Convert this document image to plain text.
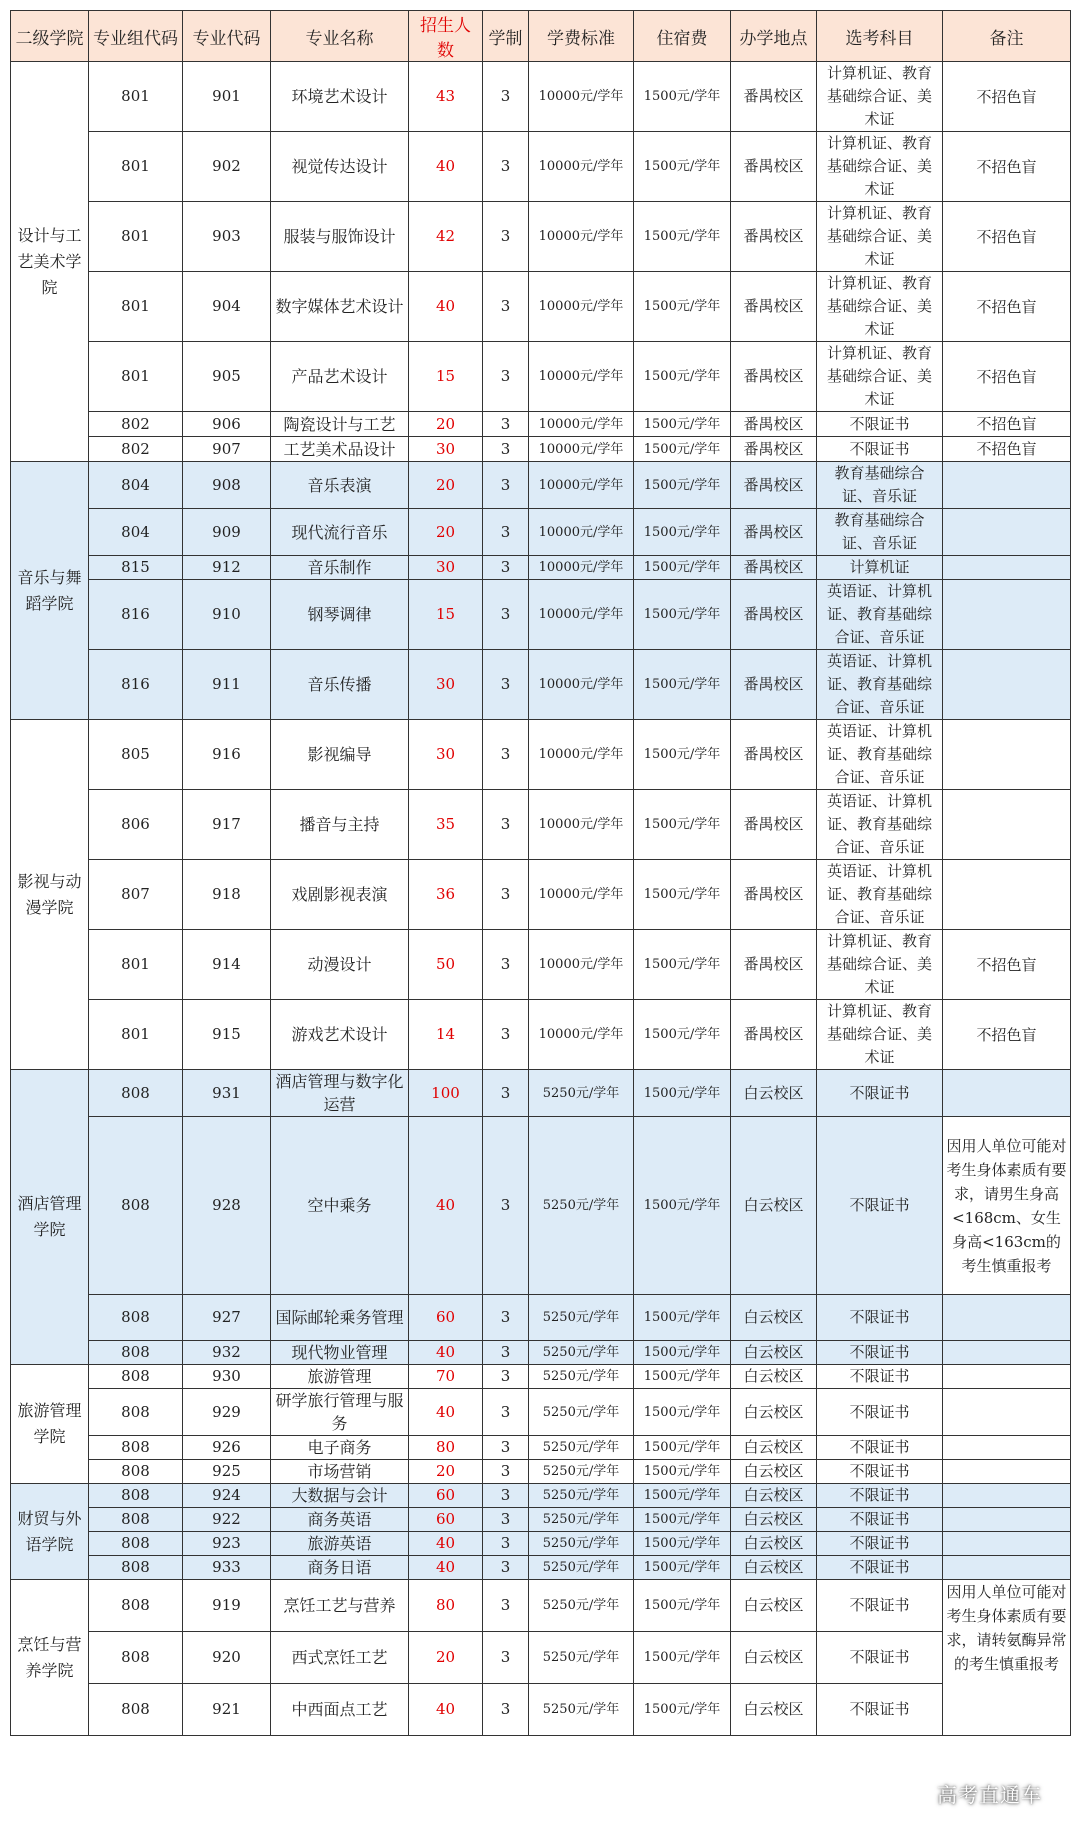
二级学院	专业组代码	专业代码	专业名称	招生人数	学制	学费标准	住宿费	办学地点	选考科目	备注
设计与工艺美术学院	801	901	环境艺术设计	43	3	10000元/学年	1500元/学年	番禺校区	计算机证、教育基础综合证、美术证	不招色盲
	801	902	视觉传达设计	40	3	10000元/学年	1500元/学年	番禺校区	计算机证、教育基础综合证、美术证	不招色盲
	801	903	服装与服饰设计	42	3	10000元/学年	1500元/学年	番禺校区	计算机证、教育基础综合证、美术证	不招色盲
	801	904	数字媒体艺术设计	40	3	10000元/学年	1500元/学年	番禺校区	计算机证、教育基础综合证、美术证	不招色盲
	801	905	产品艺术设计	15	3	10000元/学年	1500元/学年	番禺校区	计算机证、教育基础综合证、美术证	不招色盲
	802	906	陶瓷设计与工艺	20	3	10000元/学年	1500元/学年	番禺校区	不限证书	不招色盲
	802	907	工艺美术品设计	30	3	10000元/学年	1500元/学年	番禺校区	不限证书	不招色盲
音乐与舞蹈学院	804	908	音乐表演	20	3	10000元/学年	1500元/学年	番禺校区	教育基础综合证、音乐证	
	804	909	现代流行音乐	20	3	10000元/学年	1500元/学年	番禺校区	教育基础综合证、音乐证	
	815	912	音乐制作	30	3	10000元/学年	1500元/学年	番禺校区	计算机证	
	816	910	钢琴调律	15	3	10000元/学年	1500元/学年	番禺校区	英语证、计算机证、教育基础综合证、音乐证	
	816	911	音乐传播	30	3	10000元/学年	1500元/学年	番禺校区	英语证、计算机证、教育基础综合证、音乐证	
影视与动漫学院	805	916	影视编导	30	3	10000元/学年	1500元/学年	番禺校区	英语证、计算机证、教育基础综合证、音乐证	
	806	917	播音与主持	35	3	10000元/学年	1500元/学年	番禺校区	英语证、计算机证、教育基础综合证、音乐证	
	807	918	戏剧影视表演	36	3	10000元/学年	1500元/学年	番禺校区	英语证、计算机证、教育基础综合证、音乐证	
	801	914	动漫设计	50	3	10000元/学年	1500元/学年	番禺校区	计算机证、教育基础综合证、美术证	不招色盲
	801	915	游戏艺术设计	14	3	10000元/学年	1500元/学年	番禺校区	计算机证、教育基础综合证、美术证	不招色盲
酒店管理学院	808	931	酒店管理与数字化运营	100	3	5250元/学年	1500元/学年	白云校区	不限证书	
	808	928	空中乘务	40	3	5250元/学年	1500元/学年	白云校区	不限证书	因用人单位可能对考生身体素质有要求，请男生身高<168cm、女生身高<163cm的考生慎重报考
	808	927	国际邮轮乘务管理	60	3	5250元/学年	1500元/学年	白云校区	不限证书	
	808	932	现代物业管理	40	3	5250元/学年	1500元/学年	白云校区	不限证书	
旅游管理学院	808	930	旅游管理	70	3	5250元/学年	1500元/学年	白云校区	不限证书	
	808	929	研学旅行管理与服务	40	3	5250元/学年	1500元/学年	白云校区	不限证书	
	808	926	电子商务	80	3	5250元/学年	1500元/学年	白云校区	不限证书	
	808	925	市场营销	20	3	5250元/学年	1500元/学年	白云校区	不限证书	
财贸与外语学院	808	924	大数据与会计	60	3	5250元/学年	1500元/学年	白云校区	不限证书	
	808	922	商务英语	60	3	5250元/学年	1500元/学年	白云校区	不限证书	
	808	923	旅游英语	40	3	5250元/学年	1500元/学年	白云校区	不限证书	
	808	933	商务日语	40	3	5250元/学年	1500元/学年	白云校区	不限证书	
烹饪与营养学院	808	919	烹饪工艺与营养	80	3	5250元/学年	1500元/学年	白云校区	不限证书	因用人单位可能对考生身体素质有要求，请转氨酶异常的考生慎重报考
	808	920	西式烹饪工艺	20	3	5250元/学年	1500元/学年	白云校区	不限证书	
	808	921	中西面点工艺	40	3	5250元/学年	1500元/学年	白云校区	不限证书	
高考直通车
